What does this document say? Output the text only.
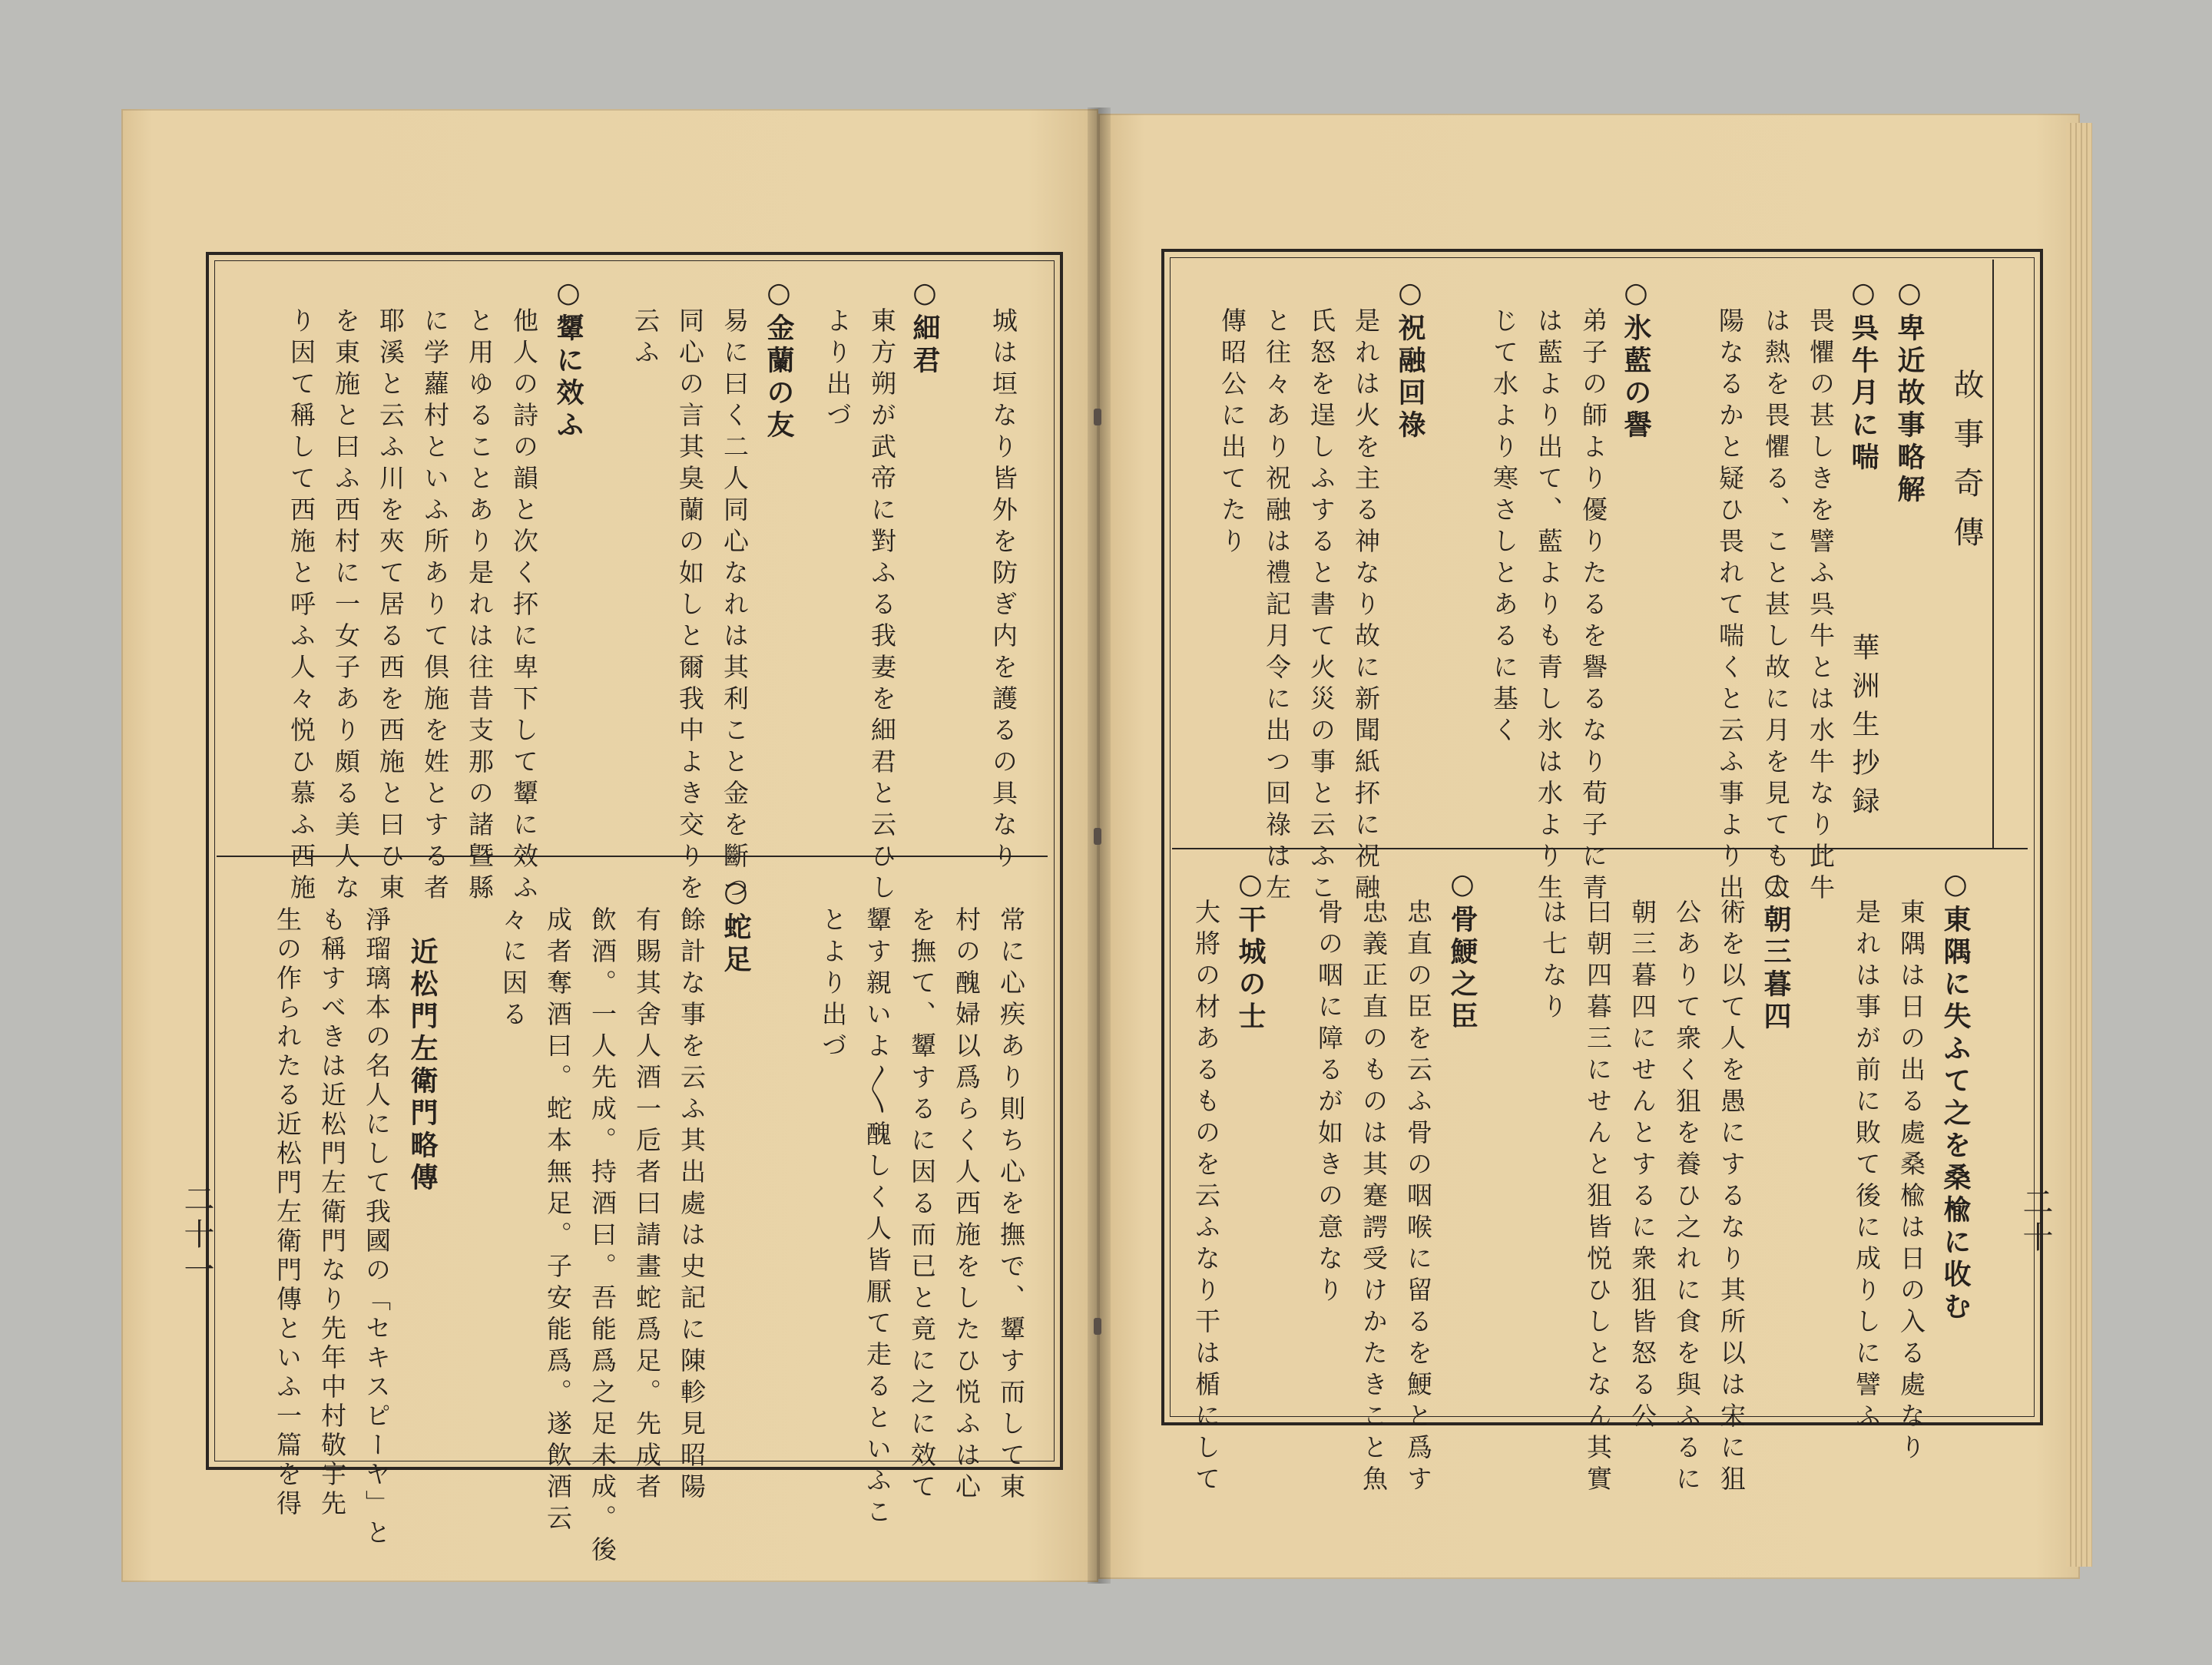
故事奇傳
○卑近故事略解
華洲生抄録
○呉牛月に喘
畏懼の甚しきを譬ふ呉牛とは水牛なり此牛
は熱を畏懼る、こと甚し故に月を見ても太
陽なるかと疑ひ畏れて喘くと云ふ事より出
○氷藍の譽
弟子の師より優りたるを譽るなり荀子に青
は藍より出て、藍よりも青し氷は水より生
じて水より寒さしとあるに基く
○祝融回祿
是れは火を主る神なり故に新聞紙抔に祝融
氏怒を逞しふすると書て火災の事と云ふこ
と往々あり祝融は禮記月令に出つ回祿は左
傳昭公に出てたり
○東隅に失ふて之を桑楡に收む
東隅は日の出る處桑楡は日の入る處なり
是れは事が前に敗て後に成りしに譬ふ
○朝三暮四
術を以て人を愚にするなり其所以は宋に狙
公ありて衆く狙を養ひ之れに食を與ふるに
朝三暮四にせんとするに衆狙皆怒る公
曰朝四暮三にせんと狙皆悦ひしとなん其實
は七なり
○骨鯁之臣
忠直の臣を云ふ骨の咽喉に留るを鯁と爲す
忠義正直のものは其蹇諤受けかたきこと魚
骨の咽に障るが如きの意なり
○干城の士
大將の材あるものを云ふなり干は楯にして	二十
城は垣なり皆外を防ぎ内を護るの具なり
○細君
東方朔が武帝に對ふる我妻を細君と云ひし
より出づ
○金蘭の友
易に曰く二人同心なれは其利こと金を斷つ
同心の言其臭蘭の如しと爾我中よき交りを
云ふ
○顰に效ふ
他人の詩の韻と次く抔に卑下して顰に效ふ
と用ゆることあり是れは往昔支那の諸曁縣
に学蘿村といふ所ありて倶施を姓とする者
耶溪と云ふ川を夾て居る西を西施と曰ひ東
を東施と曰ふ西村に一女子あり頗る美人な
り因て稱して西施と呼ふ人々悦ひ慕ふ西施
常に心疾あり則ち心を撫で、顰す而して東
村の醜婦以爲らく人西施をしたひ悦ふは心
を撫て、顰するに因る而已と竟に之に效て
顰す親いよ〳〵醜しく人皆厭て走るといふこ
とより出づ
○蛇足
餘計な事を云ふ其出處は史記に陳軫見昭陽
有賜其舍人酒一卮者曰請畫蛇爲足。先成者
飲酒。一人先成。持酒曰。吾能爲之足未成。後
成者奪酒曰。蛇本無足。子安能爲。遂飲酒云
々に因る
近松門左衛門略傳
淨瑠璃本の名人にして我國の「セキスピーヤ」と
も稱すべきは近松門左衛門なり先年中村敬宇先
生の作られたる近松門左衛門傳といふ一篇を得
二十一
